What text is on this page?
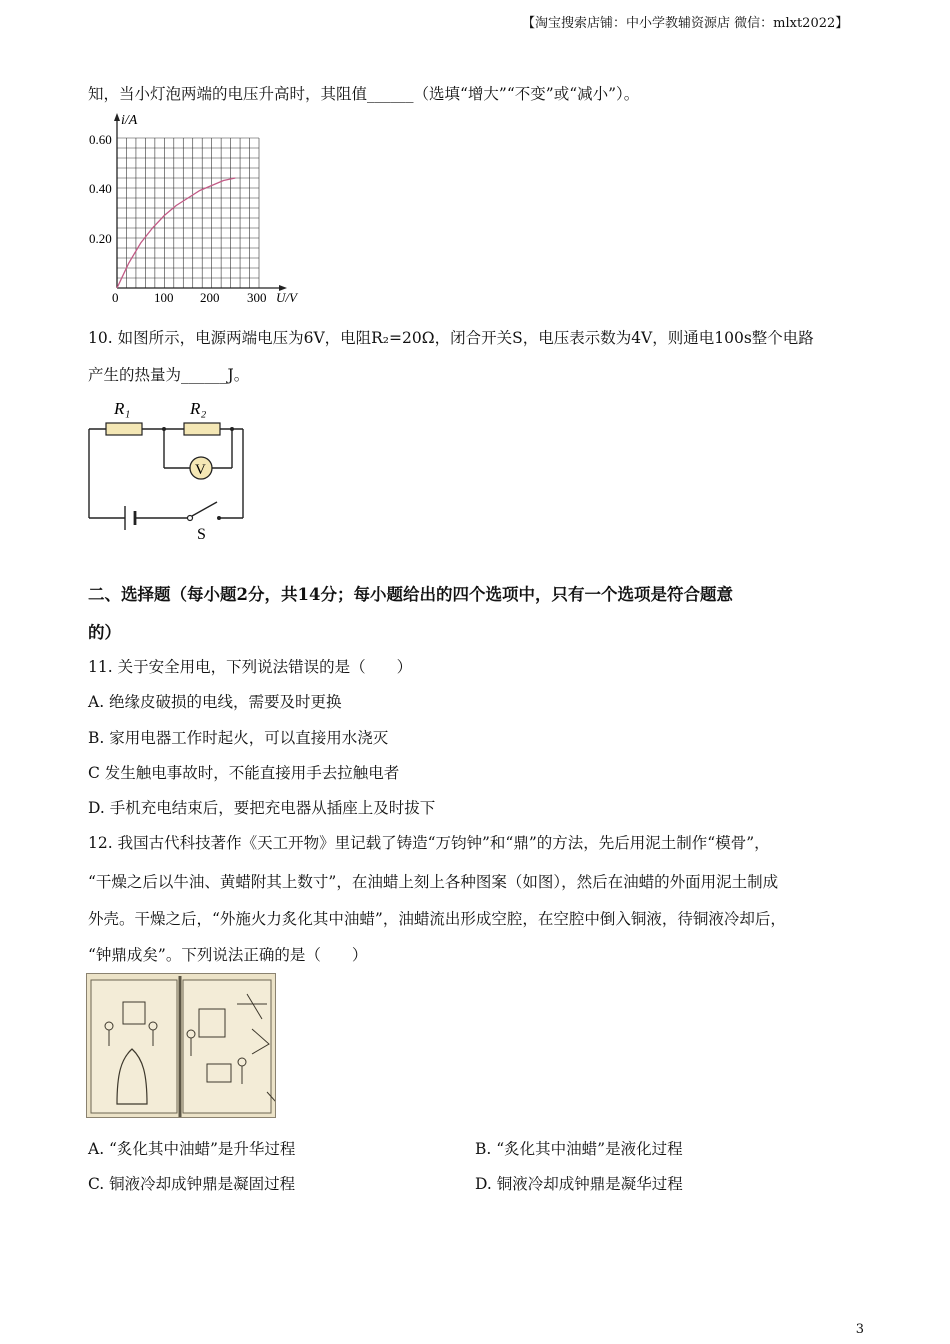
【淘宝搜索店铺：中小学教辅资源店 微信：mlxt2022】
知，当小灯泡两端的电压升高时，其阻值______（选填“增大”“不变”或“减小”）。
i/A
0.60
0.40
0.20
0	100 200 300 U/V
10. 如图所示，电源两端电压为6V，电阻R₂=20Ω，闭合开关S，电压表示数为4V，则通电100s整个电路
产生的热量为______J。
V
R₁	R₂
S
二、选择题（每小题2分，共14分；每小题给出的四个选项中，只有一个选项是符合题意
的）
11. 关于安全用电，下列说法错误的是（　　）
A. 绝缘皮破损的电线，需要及时更换
B. 家用电器工作时起火，可以直接用水浇灭
C 发生触电事故时，不能直接用手去拉触电者
D. 手机充电结束后，要把充电器从插座上及时拔下
12. 我国古代科技著作《天工开物》里记载了铸造“万钧钟”和“鼎”的方法，先后用泥土制作“模骨”，
“干燥之后以牛油、黄蜡附其上数寸”，在油蜡上刻上各种图案（如图），然后在油蜡的外面用泥土制成
外壳。干燥之后，“外施火力炙化其中油蜡”，油蜡流出形成空腔，在空腔中倒入铜液，待铜液冷却后，
“钟鼎成矣”。下列说法正确的是（　　）
A. “炙化其中油蜡”是升华过程	B. “炙化其中油蜡”是液化过程
C. 铜液冷却成钟鼎是凝固过程	D. 铜液冷却成钟鼎是凝华过程
3
